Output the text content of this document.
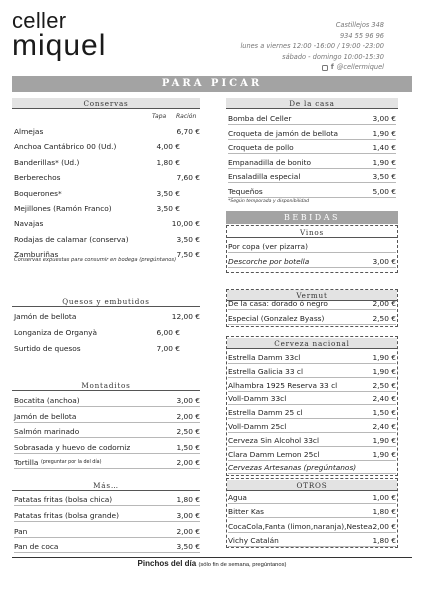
celler
miquel
Castillejos 348
934 55 96 96
lunes a viernes 12:00 -16:00 / 19:00 -23:00
sábado - domingo 10:00-15:30
f @cellermiquel
PARA PICAR
Conservas
Tapa Ración
Almejas	6,70 €
Anchoa Cantábrico 00 (Ud.)	4,00 €
Banderillas* (Ud.)	1,80 €
Berberechos	7,60 €
Boquerones*	3,50 €
Mejillones (Ramón Franco)	3,50 €
Navajas	10,00 €
Rodajas de calamar (conserva)	3,50 €
Zamburiñas	7,50 €
Conservas expuestas para consumir en bodega (pregúntanos)
Quesos y embutidos
Jamón de bellota	12,00 €
Longaniza de Organyà	6,00 €
Surtido de quesos	7,00 €
Montaditos
Bocatita (anchoa)	3,00 €
Jamón de bellota	2,00 €
Salmón marinado	2,50 €
Sobrasada y huevo de codorniz	1,50 €
Tortilla (preguntar por la del día)	2,00 €
Más…
Patatas fritas (bolsa chica)	1,80 €
Patatas fritas (bolsa grande)	3,00 €
Pan	2,00 €
Pan de coca	3,50 €
De la casa
Bomba del Celler	3,00 €
Croqueta de jamón de bellota	1,90 €
Croqueta de pollo	1,40 €
Empanadilla de bonito	1,90 €
Ensaladilla especial	3,50 €
Tequeños	5,00 €
*Según temporada y disponibilidad
BEBIDAS
Vinos
Por copa (ver pizarra)
Descorche por botella	3,00 €
Vermut
De la casa: dorado ó negro	2,00 €
Especial (Gonzalez Byass)	2,50 €
Cerveza nacional
Estrella Damm 33cl	1,90 €
Estrella Galicia 33 cl	1,90 €
Alhambra 1925 Reserva 33 cl	2,50 €
Voll-Damm 33cl	2,40 €
Estrella Damm 25 cl	1,50 €
Voll-Damm 25cl	2,40 €
Cerveza Sin Alcohol 33cl	1,90 €
Clara Damm Lemon 25cl	1,90 €
Cervezas Artesanas (pregúntanos)
OTROS
Agua	1,00 €
Bitter Kas	1,80 €
CocaCola,Fanta (limon,naranja),Nestea 2,00 €
Vichy Catalán	1,80 €
Pinchos del día (sólo fin de semana, pregúntanos)
